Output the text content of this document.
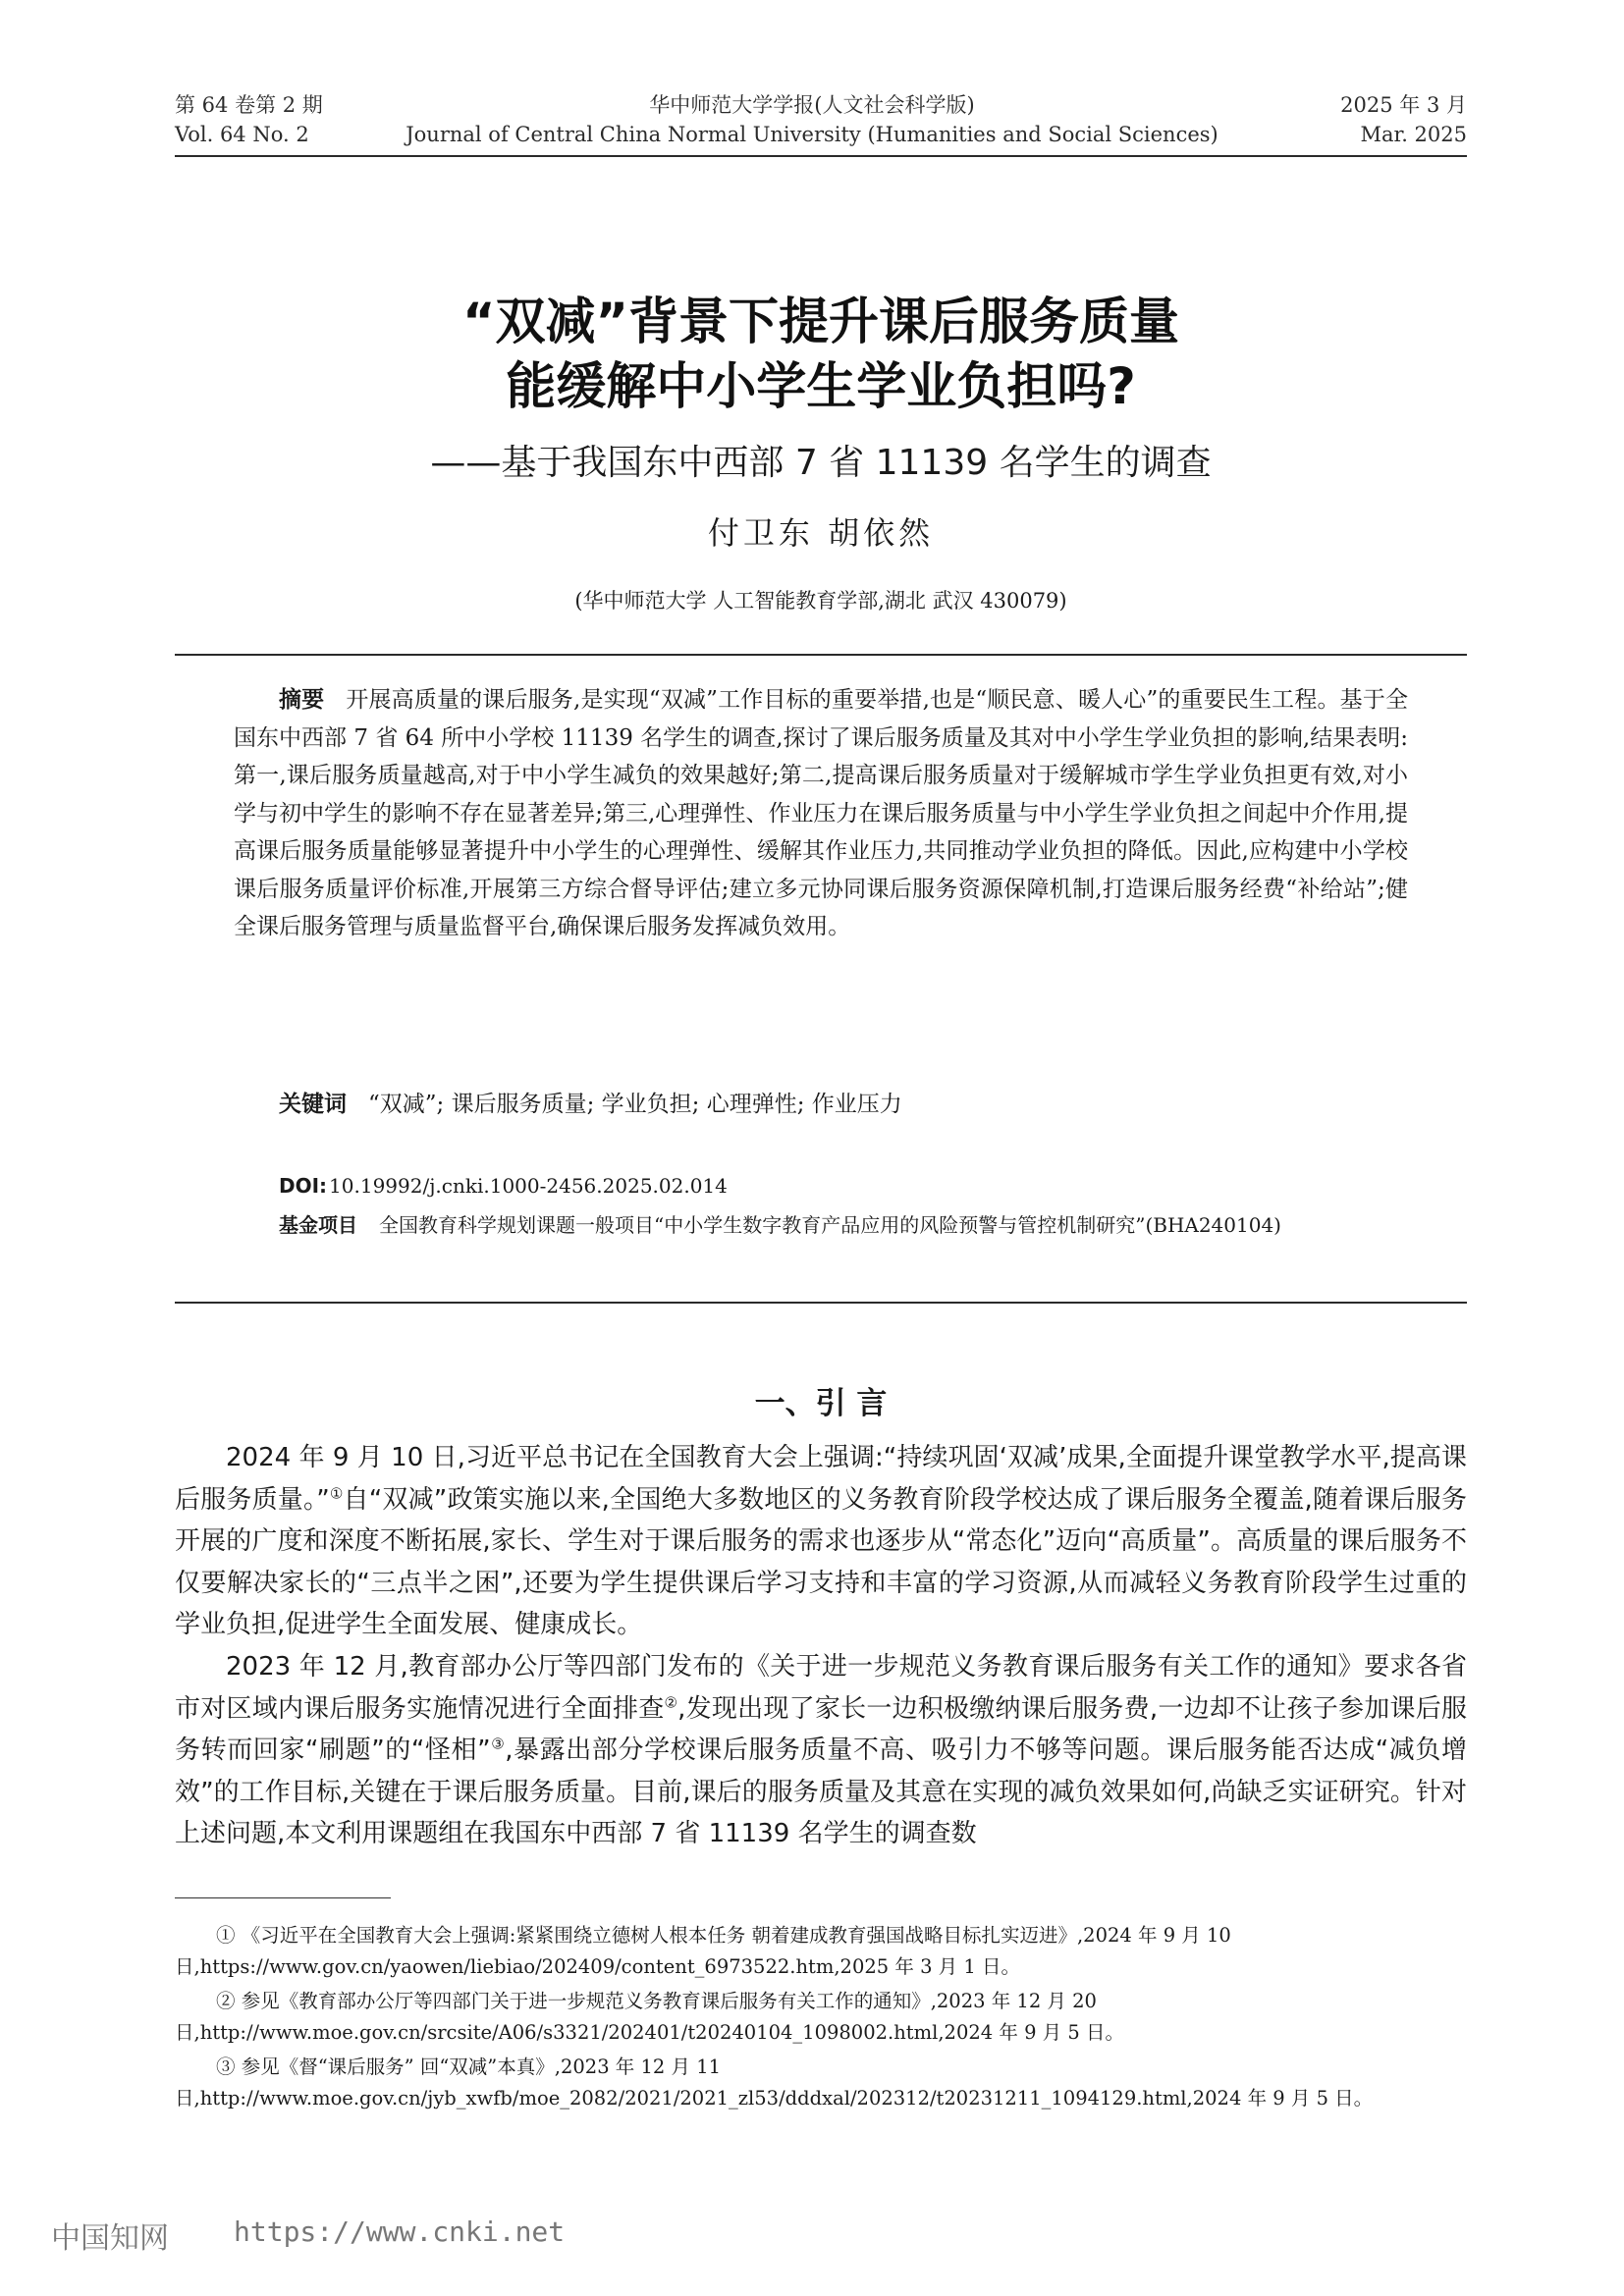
第 64 卷第 2 期
Vol. 64 No. 2
华中师范大学学报(人文社会科学版)
Journal of Central China Normal University (Humanities and Social Sciences)
2025 年 3 月
Mar. 2025
“双减”背景下提升课后服务质量
能缓解中小学生学业负担吗?
——基于我国东中西部 7 省 11139 名学生的调查
付卫东 胡依然
(华中师范大学 人工智能教育学部,湖北 武汉 430079)
摘要 开展高质量的课后服务,是实现“双减”工作目标的重要举措,也是“顺民意、暖人心”的重要民生工程。基于全国东中西部 7 省 64 所中小学校 11139 名学生的调查,探讨了课后服务质量及其对中小学生学业负担的影响,结果表明:第一,课后服务质量越高,对于中小学生减负的效果越好;第二,提高课后服务质量对于缓解城市学生学业负担更有效,对小学与初中学生的影响不存在显著差异;第三,心理弹性、作业压力在课后服务质量与中小学生学业负担之间起中介作用,提高课后服务质量能够显著提升中小学生的心理弹性、缓解其作业压力,共同推动学业负担的降低。因此,应构建中小学校课后服务质量评价标准,开展第三方综合督导评估;建立多元协同课后服务资源保障机制,打造课后服务经费“补给站”;健全课后服务管理与质量监督平台,确保课后服务发挥减负效用。
关键词 “双减”; 课后服务质量; 学业负担; 心理弹性; 作业压力
DOI: 10.19992/j.cnki.1000-2456.2025.02.014
基金项目 全国教育科学规划课题一般项目“中小学生数字教育产品应用的风险预警与管控机制研究”(BHA240104)
一、引 言

2024 年 9 月 10 日,习近平总书记在全国教育大会上强调:“持续巩固‘双减’成果,全面提升课堂教学水平,提高课后服务质量。”①自“双减”政策实施以来,全国绝大多数地区的义务教育阶段学校达成了课后服务全覆盖,随着课后服务开展的广度和深度不断拓展,家长、学生对于课后服务的需求也逐步从“常态化”迈向“高质量”。高质量的课后服务不仅要解决家长的“三点半之困”,还要为学生提供课后学习支持和丰富的学习资源,从而减轻义务教育阶段学生过重的学业负担,促进学生全面发展、健康成长。

2023 年 12 月,教育部办公厅等四部门发布的《关于进一步规范义务教育课后服务有关工作的通知》要求各省市对区域内课后服务实施情况进行全面排查②,发现出现了家长一边积极缴纳课后服务费,一边却不让孩子参加课后服务转而回家“刷题”的“怪相”③,暴露出部分学校课后服务质量不高、吸引力不够等问题。课后服务能否达成“减负增效”的工作目标,关键在于课后服务质量。目前,课后的服务质量及其意在实现的减负效果如何,尚缺乏实证研究。针对上述问题,本文利用课题组在我国东中西部 7 省 11139 名学生的调查数

① 《习近平在全国教育大会上强调:紧紧围绕立德树人根本任务 朝着建成教育强国战略目标扎实迈进》,2024 年 9 月 10 日,https://www.gov.cn/yaowen/liebiao/202409/content_6973522.htm,2025 年 3 月 1 日。
② 参见《教育部办公厅等四部门关于进一步规范义务教育课后服务有关工作的通知》,2023 年 12 月 20 日,http://www.moe.gov.cn/srcsite/A06/s3321/202401/t20240104_1098002.html,2024 年 9 月 5 日。
③ 参见《督“课后服务” 回“双减”本真》,2023 年 12 月 11 日,http://www.moe.gov.cn/jyb_xwfb/moe_2082/2021/2021_zl53/dddxal/202312/t20231211_1094129.html,2024 年 9 月 5 日。
中国知网 https://www.cnki.net
